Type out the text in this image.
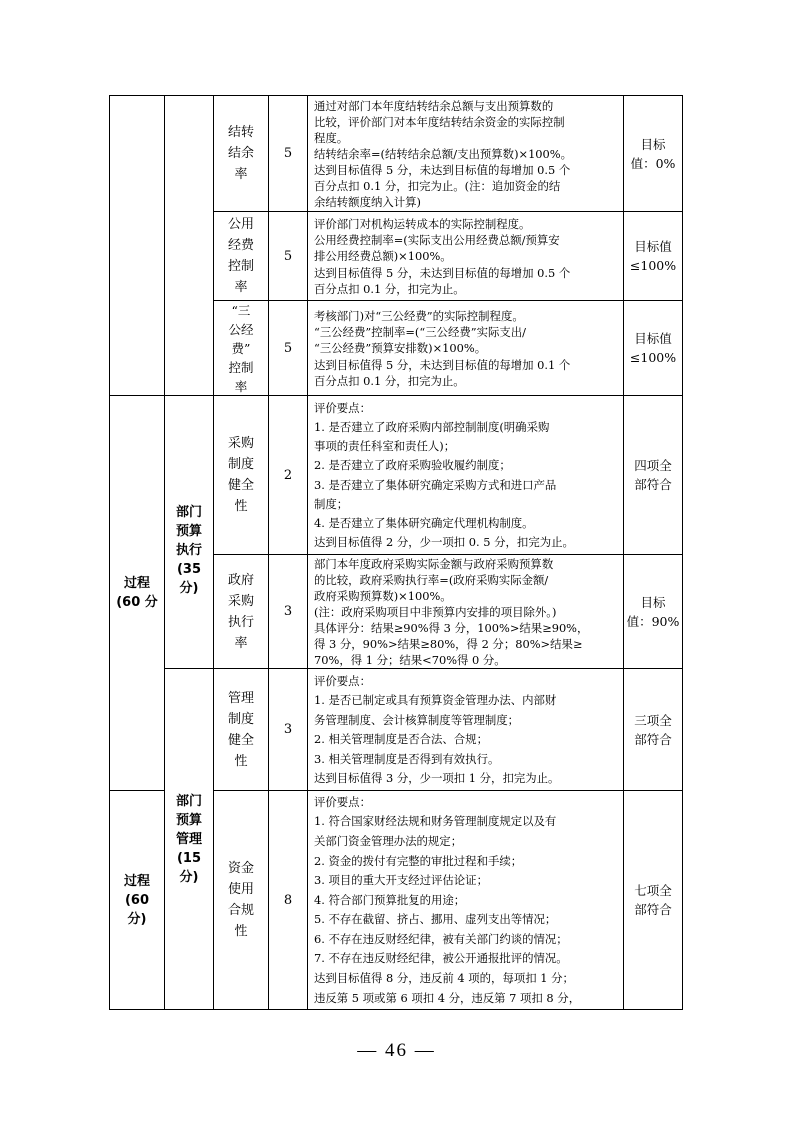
过程
(60 分
过程
(60
分)
部门
预算
执行
(35
分)
部门
预算
管理
(15
分)
结转
结余
率
5
通过对部门本年度结转结余总额与支出预算数的
比较，评价部门对本年度结转结余资金的实际控制
程度。
结转结余率=(结转结余总额/支出预算数)×100%。
达到目标值得 5 分，未达到目标值的每增加 0.5 个
百分点扣 0.1 分，扣完为止。(注：追加资金的结
余结转额度纳入计算)
目标
值：0%
公用
经费
控制
率
5
评价部门对机构运转成本的实际控制程度。
公用经费控制率=(实际支出公用经费总额/预算安
排公用经费总额)×100%。
达到目标值得 5 分，未达到目标值的每增加 0.5 个
百分点扣 0.1 分，扣完为止。
目标值
≤100%
“三
公经
费”
控制
率
5
考核部门)对“三公经费”的实际控制程度。
“三公经费”控制率=(“三公经费”实际支出/
“三公经费”预算安排数)×100%。
达到目标值得 5 分，未达到目标值的每增加 0.1 个
百分点扣 0.1 分，扣完为止。
目标值
≤100%
采购
制度
健全
性
2
评价要点：
1. 是否建立了政府采购内部控制制度(明确采购
事项的责任科室和责任人)；
2. 是否建立了政府采购验收履约制度；
3. 是否建立了集体研究确定采购方式和进口产品
制度；
4. 是否建立了集体研究确定代理机构制度。
达到目标值得 2 分，少一项扣 0. 5 分，扣完为止。
四项全
部符合
政府
采购
执行
率
3
部门本年度政府采购实际金额与政府采购预算数
的比较，政府采购执行率=(政府采购实际金额/
政府采购预算数)×100%。
(注：政府采购项目中非预算内安排的项目除外。)
具体评分：结果≥90%得 3 分，100%>结果≥90%，
得 3 分，90%>结果≥80%，得 2 分；80%>结果≥
70%，得 1 分；结果<70%得 0 分。
目标
值：90%
管理
制度
健全
性
3
评价要点：
1. 是否已制定或具有预算资金管理办法、内部财
务管理制度、会计核算制度等管理制度；
2. 相关管理制度是否合法、合规；
3. 相关管理制度是否得到有效执行。
达到目标值得 3 分，少一项扣 1 分，扣完为止。
三项全
部符合
资金
使用
合规
性
8
评价要点：
1. 符合国家财经法规和财务管理制度规定以及有
关部门资金管理办法的规定；
2. 资金的拨付有完整的审批过程和手续；
3. 项目的重大开支经过评估论证；
4. 符合部门预算批复的用途；
5. 不存在截留、挤占、挪用、虚列支出等情况；
6. 不存在违反财经纪律，被有关部门约谈的情况；
7. 不存在违反财经纪律，被公开通报批评的情况。
达到目标值得 8 分，违反前 4 项的，每项扣 1 分；
违反第 5 项或第 6 项扣 4 分，违反第 7 项扣 8 分，
七项全
部符合
— 46 —
